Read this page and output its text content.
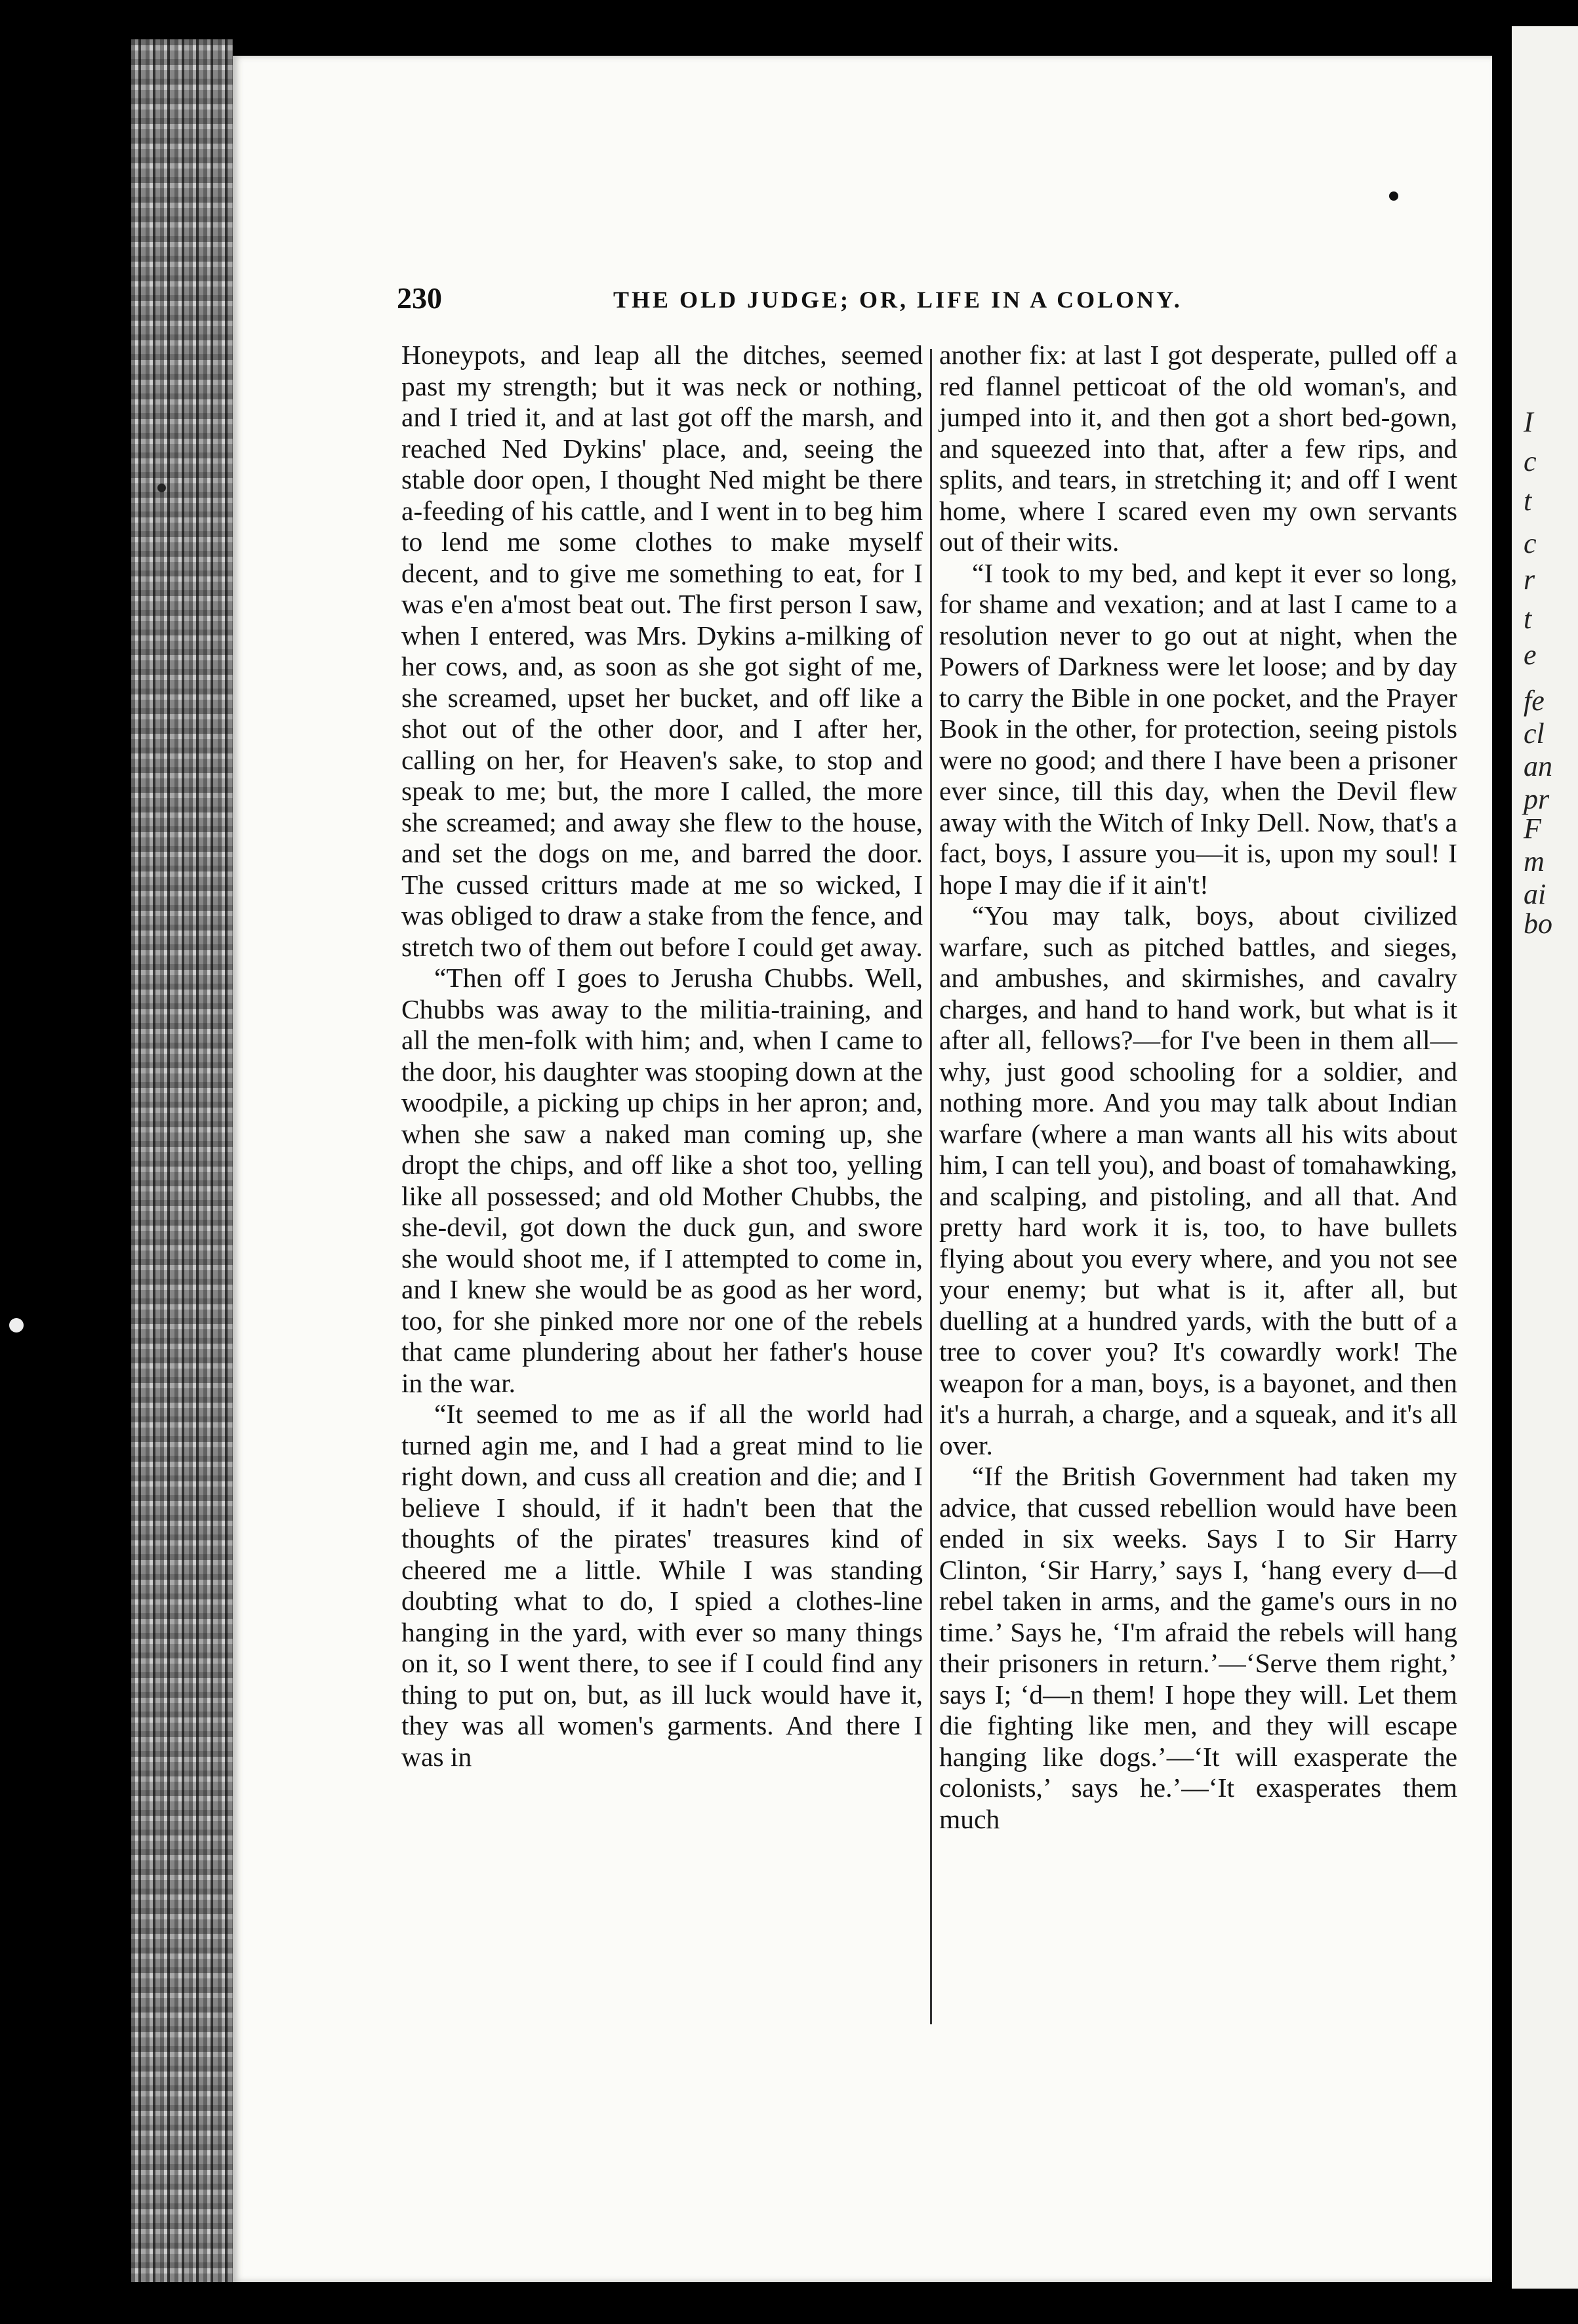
230	THE OLD JUDGE; OR, LIFE IN A COLONY.

Honeypots, and leap all the ditches, seemed past my strength; but it was neck or nothing, and I tried it, and at last got off the marsh, and reached Ned Dykins' place, and, seeing the stable door open, I thought Ned might be there a-feeding of his cattle, and I went in to beg him to lend me some clothes to make myself decent, and to give me something to eat, for I was e'en a'most beat out. The first person I saw, when I entered, was Mrs. Dykins a-milking of her cows, and, as soon as she got sight of me, she screamed, upset her bucket, and off like a shot out of the other door, and I after her, calling on her, for Heaven's sake, to stop and speak to me; but, the more I called, the more she screamed; and away she flew to the house, and set the dogs on me, and barred the door. The cussed critturs made at me so wicked, I was obliged to draw a stake from the fence, and stretch two of them out before I could get away.

“Then off I goes to Jerusha Chubbs. Well, Chubbs was away to the militia-training, and all the men-folk with him; and, when I came to the door, his daughter was stooping down at the woodpile, a picking up chips in her apron; and, when she saw a naked man coming up, she dropt the chips, and off like a shot too, yelling like all possessed; and old Mother Chubbs, the she-devil, got down the duck gun, and swore she would shoot me, if I attempted to come in, and I knew she would be as good as her word, too, for she pinked more nor one of the rebels that came plundering about her father's house in the war.

“It seemed to me as if all the world had turned agin me, and I had a great mind to lie right down, and cuss all creation and die; and I believe I should, if it hadn't been that the thoughts of the pirates' treasures kind of cheered me a little. While I was standing doubting what to do, I spied a clothes-line hanging in the yard, with ever so many things on it, so I went there, to see if I could find any thing to put on, but, as ill luck would have it, they was all women's garments. And there I was in

another fix: at last I got desperate, pulled off a red flannel petticoat of the old woman's, and jumped into it, and then got a short bed-gown, and squeezed into that, after a few rips, and splits, and tears, in stretching it; and off I went home, where I scared even my own servants out of their wits.

“I took to my bed, and kept it ever so long, for shame and vexation; and at last I came to a resolution never to go out at night, when the Powers of Darkness were let loose; and by day to carry the Bible in one pocket, and the Prayer Book in the other, for protection, seeing pistols were no good; and there I have been a prisoner ever since, till this day, when the Devil flew away with the Witch of Inky Dell. Now, that's a fact, boys, I assure you—it is, upon my soul! I hope I may die if it ain't!

“You may talk, boys, about civilized warfare, such as pitched battles, and sieges, and ambushes, and skirmishes, and cavalry charges, and hand to hand work, but what is it after all, fellows?—for I've been in them all—why, just good schooling for a soldier, and nothing more. And you may talk about Indian warfare (where a man wants all his wits about him, I can tell you), and boast of tomahawking, and scalping, and pistoling, and all that. And pretty hard work it is, too, to have bullets flying about you every where, and you not see your enemy; but what is it, after all, but duelling at a hundred yards, with the butt of a tree to cover you? It's cowardly work! The weapon for a man, boys, is a bayonet, and then it's a hurrah, a charge, and a squeak, and it's all over.

“If the British Government had taken my advice, that cussed rebellion would have been ended in six weeks. Says I to Sir Harry Clinton, ‘Sir Harry,’ says I, ‘hang every d—d rebel taken in arms, and the game's ours in no time.’ Says he, ‘I'm afraid the rebels will hang their prisoners in return.’—‘Serve them right,’ says I; ‘d—n them! I hope they will. Let them die fighting like men, and they will escape hanging like dogs.’—‘It will exasperate the colonists,’ says he.’—‘It exasperates them much

I
c
t
c
r
t
e
fe
cl
an
pr
F
m
ai
bo
